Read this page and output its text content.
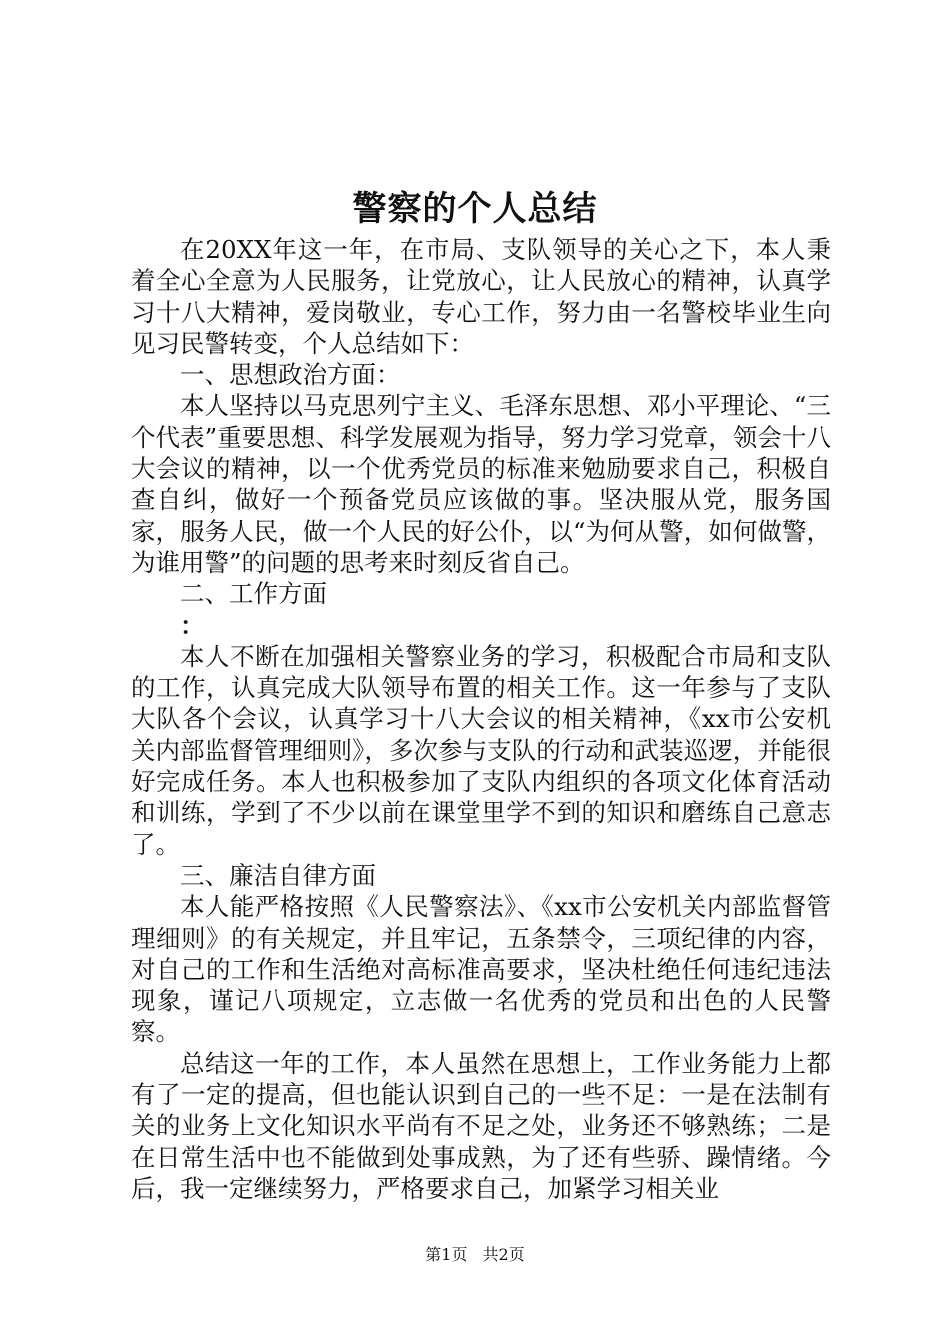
警察的个人总结

在20XX年这一年，在市局、支队领导的关心之下，本人秉着全心全意为人民服务，让党放心，让人民放心的精神，认真学习十八大精神，爱岗敬业，专心工作，努力由一名警校毕业生向见习民警转变，个人总结如下：

一、思想政治方面：

本人坚持以马克思列宁主义、毛泽东思想、邓小平理论、“三个代表”重要思想、科学发展观为指导，努力学习党章，领会十八大会议的精神，以一个优秀党员的标准来勉励要求自己，积极自查自纠，做好一个预备党员应该做的事。坚决服从党，服务国家，服务人民，做一个人民的好公仆，以“为何从警，如何做警，为谁用警”的问题的思考来时刻反省自己。

二、工作方面

：

本人不断在加强相关警察业务的学习，积极配合市局和支队的工作，认真完成大队领导布置的相关工作。这一年参与了支队大队各个会议，认真学习十八大会议的相关精神，《xx市公安机关内部监督管理细则》，多次参与支队的行动和武装巡逻，并能很好完成任务。本人也积极参加了支队内组织的各项文化体育活动和训练，学到了不少以前在课堂里学不到的知识和磨练自己意志了。

三、廉洁自律方面

本人能严格按照《人民警察法》、《xx市公安机关内部监督管理细则》的有关规定，并且牢记，五条禁令，三项纪律的内容，对自己的工作和生活绝对高标准高要求，坚决杜绝任何违纪违法现象，谨记八项规定，立志做一名优秀的党员和出色的人民警察。

总结这一年的工作，本人虽然在思想上，工作业务能力上都有了一定的提高，但也能认识到自己的一些不足：一是在法制有关的业务上文化知识水平尚有不足之处，业务还不够熟练；二是在日常生活中也不能做到处事成熟，为了还有些骄、躁情绪。今后，我一定继续努力，严格要求自己，加紧学习相关业

第1页 共2页
